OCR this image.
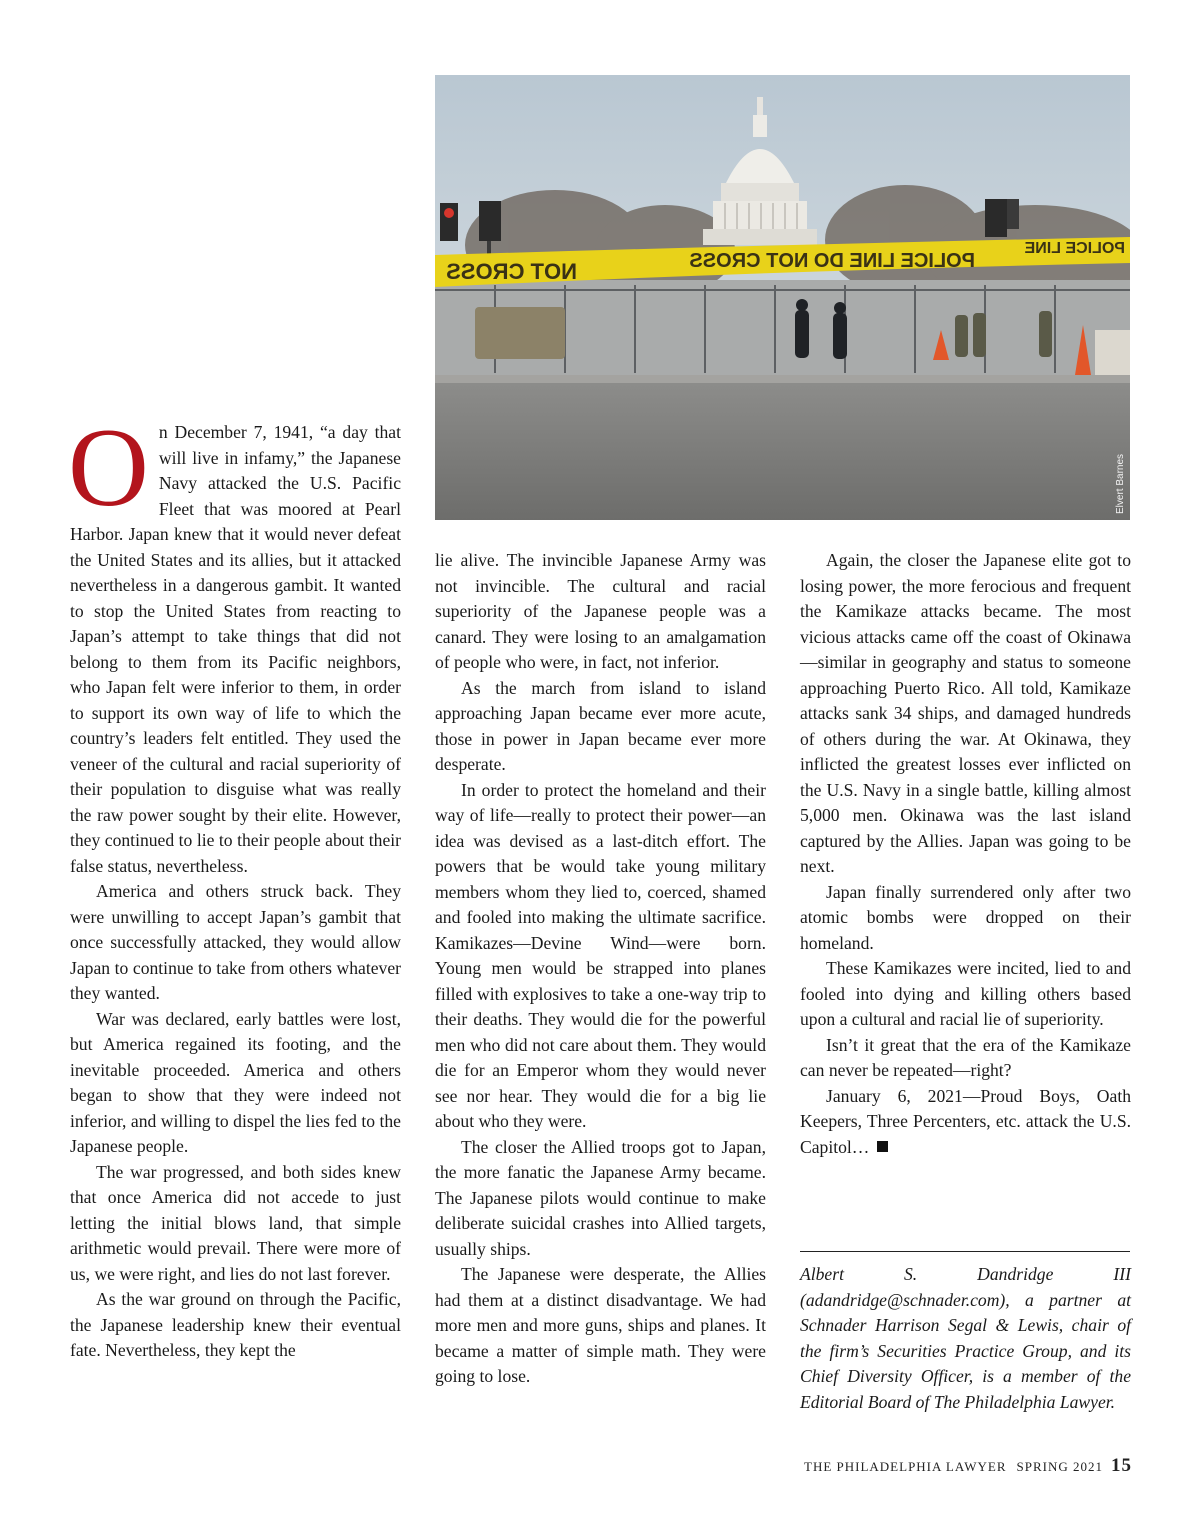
NOT CROSS	POLICE LINE DO NOT CROSS
POLICE LINE
Elvert Barnes

On December 7, 1941, “a day that will live in infamy,” the Japanese Navy attacked the U.S. Pacific Fleet that was moored at Pearl Harbor. Japan knew that it would never defeat the United States and its allies, but it attacked nevertheless in a dangerous gambit. It wanted to stop the United States from reacting to Japan’s attempt to take things that did not belong to them from its Pacific neighbors, who Japan felt were inferior to them, in order to support its own way of life to which the country’s leaders felt entitled. They used the veneer of the cultural and racial superiority of their population to disguise what was really the raw power sought by their elite. However, they continued to lie to their people about their false status, nevertheless.

America and others struck back. They were unwilling to accept Japan’s gambit that once successfully attacked, they would allow Japan to continue to take from others whatever they wanted.

War was declared, early battles were lost, but America regained its footing, and the inevitable proceeded. America and others began to show that they were indeed not inferior, and willing to dispel the lies fed to the Japanese people.

The war progressed, and both sides knew that once America did not accede to just letting the initial blows land, that simple arithmetic would prevail. There were more of us, we were right, and lies do not last forever.

As the war ground on through the Pacific, the Japanese leadership knew their eventual fate. Nevertheless, they kept the

lie alive. The invincible Japanese Army was not invincible. The cultural and racial superiority of the Japanese people was a canard. They were losing to an amalgamation of people who were, in fact, not inferior.

As the march from island to island approaching Japan became ever more acute, those in power in Japan became ever more desperate.

In order to protect the homeland and their way of life—really to protect their power—an idea was devised as a last-ditch effort. The powers that be would take young military members whom they lied to, coerced, shamed and fooled into making the ultimate sacrifice. Kamikazes—Devine Wind—were born. Young men would be strapped into planes filled with explosives to take a one-way trip to their deaths. They would die for the powerful men who did not care about them. They would die for an Emperor whom they would never see nor hear. They would die for a big lie about who they were.

The closer the Allied troops got to Japan, the more fanatic the Japanese Army became. The Japanese pilots would continue to make deliberate suicidal crashes into Allied targets, usually ships.

The Japanese were desperate, the Allies had them at a distinct disadvantage. We had more men and more guns, ships and planes. It became a matter of simple math. They were going to lose.

Again, the closer the Japanese elite got to losing power, the more ferocious and frequent the Kamikaze attacks became. The most vicious attacks came off the coast of Okinawa—similar in geography and status to someone approaching Puerto Rico. All told, Kamikaze attacks sank 34 ships, and damaged hundreds of others during the war. At Okinawa, they inflicted the greatest losses ever inflicted on the U.S. Navy in a single battle, killing almost 5,000 men. Okinawa was the last island captured by the Allies. Japan was going to be next.

Japan finally surrendered only after two atomic bombs were dropped on their homeland.

These Kamikazes were incited, lied to and fooled into dying and killing others based upon a cultural and racial lie of superiority.

Isn’t it great that the era of the Kamikaze can never be repeated—right?

January 6, 2021—Proud Boys, Oath Keepers, Three Percenters, etc. attack the U.S. Capitol…

Albert S. Dandridge III (adandridge@schnader.com), a partner at Schnader Harrison Segal & Lewis, chair of the firm’s Securities Practice Group, and its Chief Diversity Officer, is a member of the Editorial Board of The Philadelphia Lawyer.

THE PHILADELPHIA LAWYER SPRING 2021 15
